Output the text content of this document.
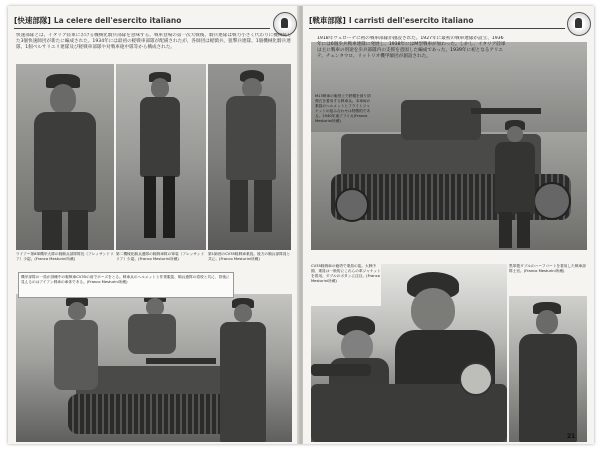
[快速部隊] La celere dell'esercito italiano
快速部隊とは、イタリア陸軍における機械化騎兵部隊を意味する。戦車登場の第一次大戦後、騎兵連隊は戦力小さく代わりに機械化した3個快速師団が新たに編成された。1934年には最初の軽戦車部隊が配備されたが、各師団は軽騎兵、狙撃兵連隊、1個機械化騎兵連隊、1個ベルサリエリ連隊及び軽戦車部隊や対戦車砲中隊等から構成された。
ワイアー第8軍機甲大隊の軽騎兵部隊隊長（アレッサンドリア）少尉。(Franco Mesturini所蔵)
第二機械化騎兵連隊の軽戦車隊の軍装（アレッサンドリア）少尉。(Franco Mesturini所蔵)
第1師団のCV35軽戦車乗員。後方の騎兵部隊員と共に。(Franco Mesturini所蔵)
機甲部隊の一員が訓練中の軽戦車CV35の前でポーズをとる。戦車兵のヘルメットと作業服姿、騎兵連隊の将校と共に、背後に見えるのはアイアン戦車の車体である。(Franco Mesturini所蔵)
[戦車部隊] I carristi dell'esercito italiano
1918年ヴェローナに初の戦車部隊が創設された。1927年に最初の戦車連隊が設立、1936年には6個歩兵戦車連隊に発展し、1938年にはM型戦車が加わった。しかし、イタリア陸軍は主に戦車の用途を歩兵部隊内の支援を意図した編成であった。1939年に初となるアリエテ、チェンタウロ、リットリオ機甲師団が創設された。
M13戦車の砲塔上で鉄帽を被り防弾衣を着用する戦車兵。本車両の乗員のヘルメットとフライトジャケットの組み合わせは特徴的である。1940年東アフリカ(Franco Mesturini所蔵)
CV35軽戦車の砲塔で乗員の姿。大戦中期、乗員は一般的にこれらの革ジャケットを着用。ダブルのボタンに注目。(Franco Mesturini所蔵)
黒革製ダブルのハーフコートを着用した戦車部隊士官。(Franco Mesturini所蔵)
21
